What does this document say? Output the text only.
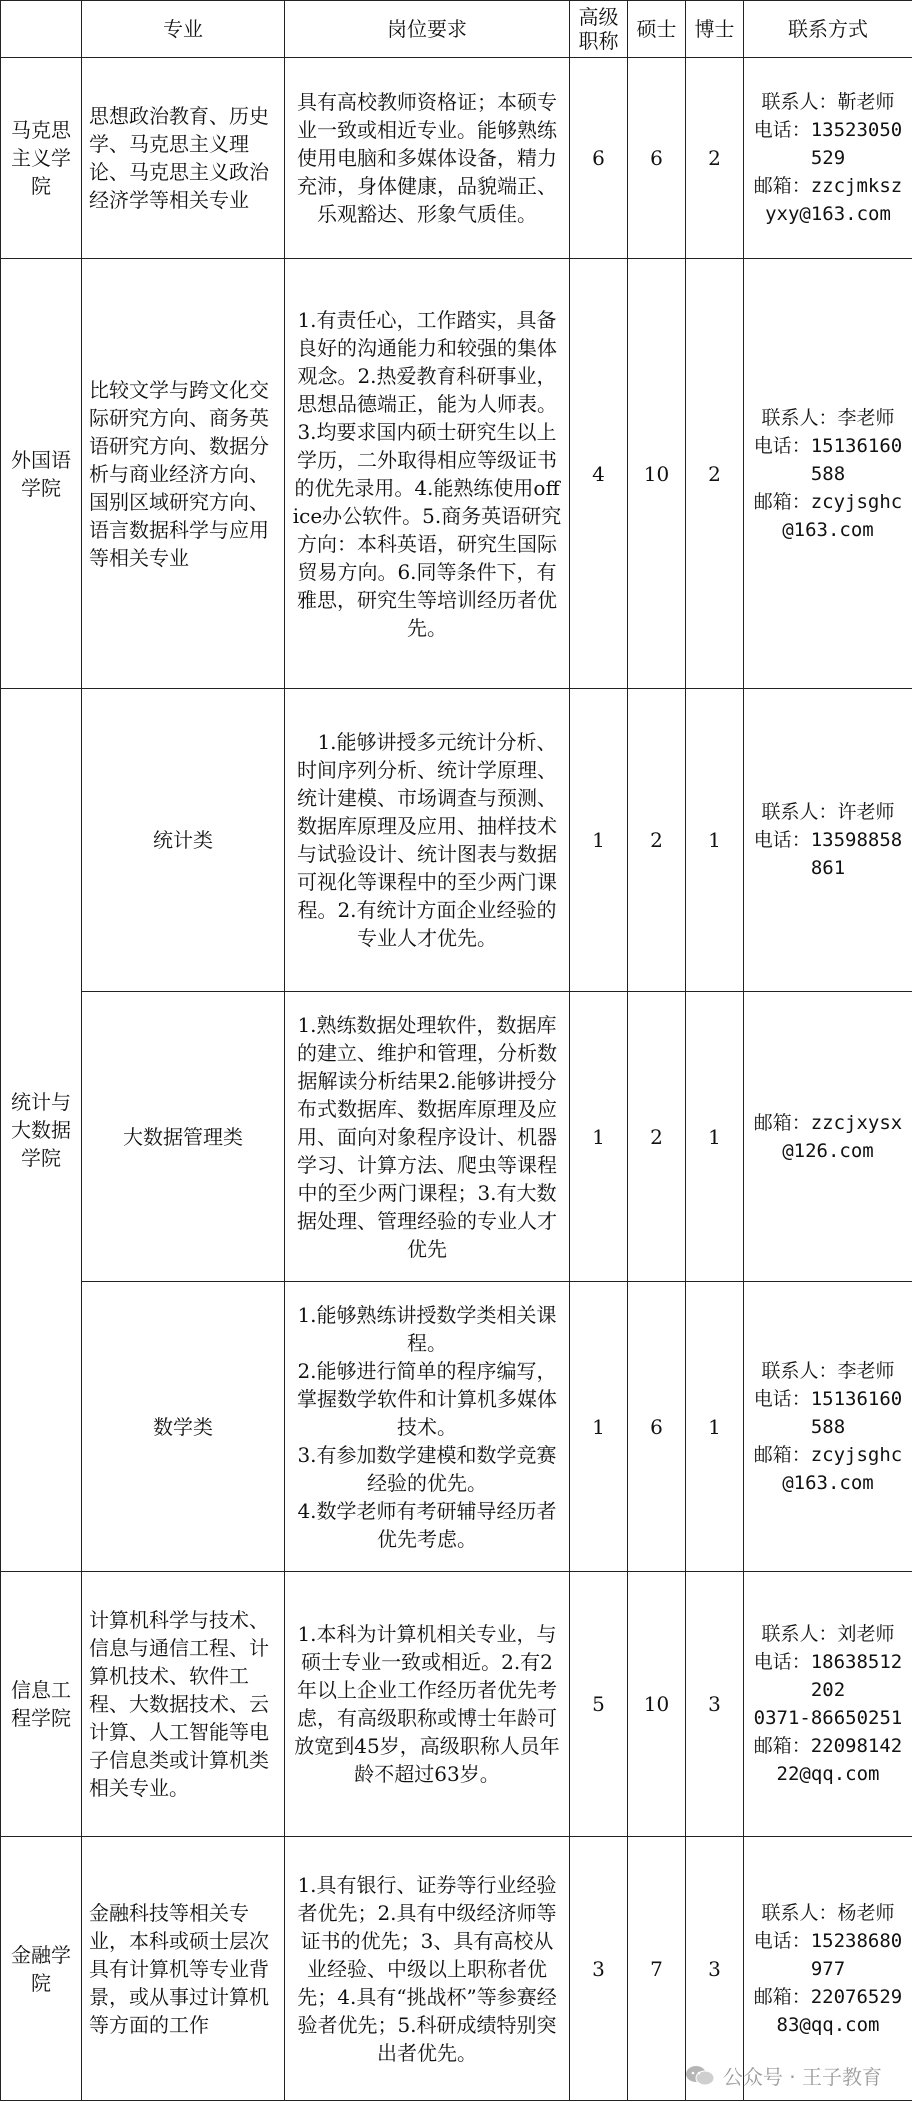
	专业	岗位要求	高级职称	硕士	博士	联系方式
马克思主义学院	思想政治教育、历史学、马克思主义理论、马克思主义政治经济学等相关专业	具有高校教师资格证；本硕专业一致或相近专业。能够熟练使用电脑和多媒体设备，精力充沛，身体健康，品貌端正、乐观豁达、形象气质佳。	6	6	2	联系人：靳老师
电话：13523050529
邮箱：zzcjmkszyxy@163.com

外国语学院	比较文学与跨文化交际研究方向、商务英语研究方向、数据分析与商业经济方向、国别区域研究方向、语言数据科学与应用等相关专业	1.有责任心，工作踏实，具备良好的沟通能力和较强的集体观念。2.热爱教育科研事业，思想品德端正，能为人师表。3.均要求国内硕士研究生以上学历，二外取得相应等级证书的优先录用。4.能熟练使用office办公软件。5.商务英语研究方向：本科英语，研究生国际贸易方向。6.同等条件下，有雅思，研究生等培训经历者优先。	4	10	2	联系人：李老师
电话：15136160588
邮箱：zcyjsghc@163.com

统计与大数据学院	统计类	　1.能够讲授多元统计分析、时间序列分析、统计学原理、统计建模、市场调查与预测、数据库原理及应用、抽样技术与试验设计、统计图表与数据可视化等课程中的至少两门课程。2.有统计方面企业经验的专业人才优先。	1	2	1	联系人：许老师
电话：13598858861

	大数据管理类	1.熟练数据处理软件，数据库的建立、维护和管理，分析数据解读分析结果2.能够讲授分布式数据库、数据库原理及应用、面向对象程序设计、机器学习、计算方法、爬虫等课程中的至少两门课程；3.有大数据处理、管理经验的专业人才优先	1	2	1	邮箱：zzcjxysx@126.com

	数学类	1.能够熟练讲授数学类相关课程。
2.能够进行简单的程序编写，掌握数学软件和计算机多媒体技术。
3.有参加数学建模和数学竞赛经验的优先。
4.数学老师有考研辅导经历者优先考虑。	1	6	1	联系人：李老师
电话：15136160588
邮箱：zcyjsghc@163.com

信息工程学院	计算机科学与技术、信息与通信工程、计算机技术、软件工程、大数据技术、云计算、人工智能等电子信息类或计算机类相关专业。	1.本科为计算机相关专业，与硕士专业一致或相近。2.有2年以上企业工作经历者优先考虑，有高级职称或博士年龄可放宽到45岁，高级职称人员年龄不超过63岁。	5	10	3	联系人：刘老师
电话：18638512202
0371-86650251
邮箱：2209814222@qq.com

金融学院	金融科技等相关专业，本科或硕士层次具有计算机等专业背景，或从事过计算机等方面的工作	1.具有银行、证券等行业经验者优先；2.具有中级经济师等证书的优先；3、具有高校从业经验、中级以上职称者优先；4.具有“挑战杯”等参赛经验者优先；5.科研成绩特别突出者优先。	3	7	3	联系人：杨老师
电话：15238680977
邮箱：2207652983@qq.com
公众号 · 王子教育
